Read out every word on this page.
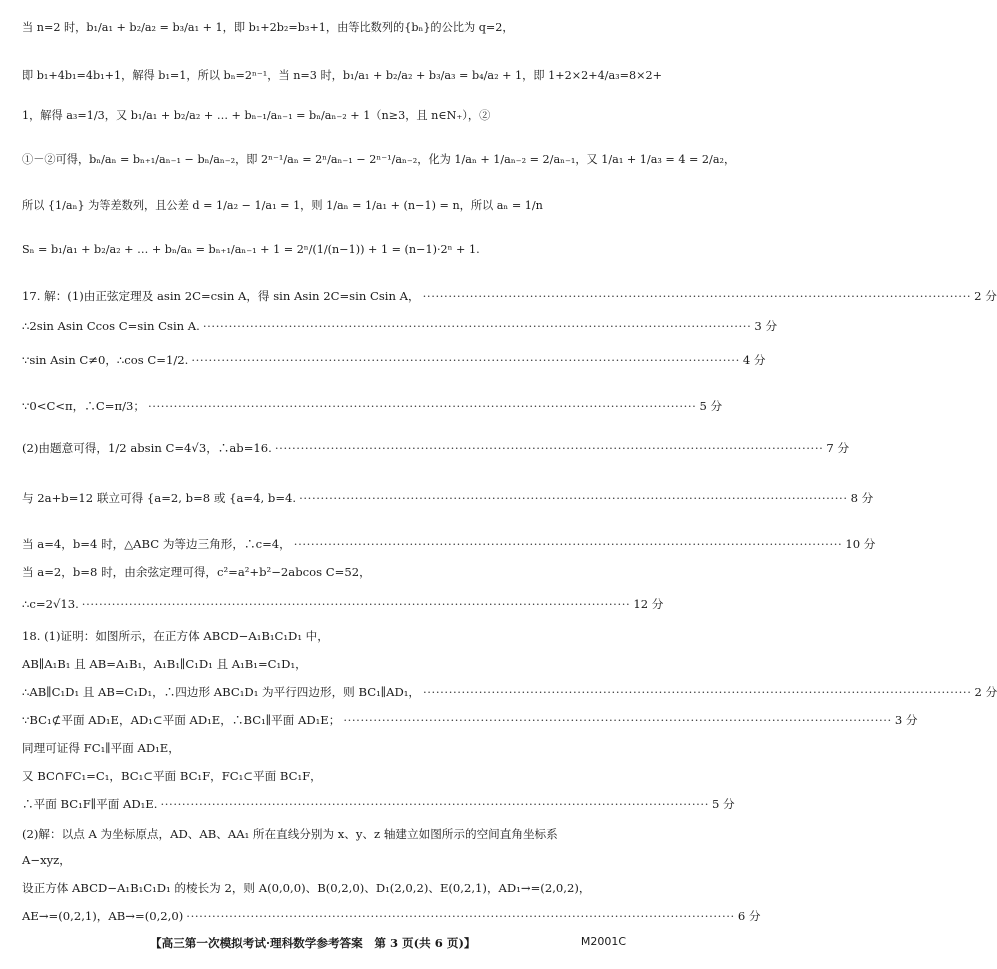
当 n=2 时，b₁/a₁ + b₂/a₂ = b₃/a₁ + 1，即 b₁+2b₂=b₃+1，由等比数列的{bₙ}的公比为 q=2，
即 b₁+4b₁=4b₁+1，解得 b₁=1，所以 bₙ=2ⁿ⁻¹，当 n=3 时，b₁/a₁ + b₂/a₂ + b₃/a₃ = b₄/a₂ + 1，即 1+2×2+4/a₃=8×2+
1，解得 a₃=1/3，又 b₁/a₁ + b₂/a₂ + … + bₙ₋₁/aₙ₋₁ = bₙ/aₙ₋₂ + 1（n≥3，且 n∈N₊），②
①－②可得，bₙ/aₙ = bₙ₊₁/aₙ₋₁ − bₙ/aₙ₋₂，即 2ⁿ⁻¹/aₙ = 2ⁿ/aₙ₋₁ − 2ⁿ⁻¹/aₙ₋₂，化为 1/aₙ + 1/aₙ₋₂ = 2/aₙ₋₁，又 1/a₁ + 1/a₃ = 4 = 2/a₂，
所以 {1/aₙ} 为等差数列，且公差 d = 1/a₂ − 1/a₁ = 1，则 1/aₙ = 1/a₁ + (n−1) = n，所以 aₙ = 1/n
Sₙ = b₁/a₁ + b₂/a₂ + … + bₙ/aₙ = bₙ₊₁/aₙ₋₁ + 1 = 2ⁿ/(1/(n−1)) + 1 = (n−1)·2ⁿ + 1.
17. 解：(1)由正弦定理及 asin 2C=csin A，得 sin Asin 2C=sin Csin A， ·····	2 分
∴2sin Asin Ccos C=sin Csin A. ·····	3 分
∵sin Asin C≠0，∴cos C=1/2. ·····	4 分
∵0<C<π，∴C=π/3； ·····	5 分
(2)由题意可得，1/2 absin C=4√3，∴ab=16. ·····	7 分
与 2a+b=12 联立可得 {a=2, b=8 或 {a=4, b=4. ·····	8 分
当 a=4，b=4 时，△ABC 为等边三角形，∴c=4， ·····	10 分
当 a=2，b=8 时，由余弦定理可得，c²=a²+b²−2abcos C=52，
∴c=2√13. ·····	12 分
18. (1)证明：如图所示，在正方体 ABCD−A₁B₁C₁D₁ 中，
AB∥A₁B₁ 且 AB=A₁B₁，A₁B₁∥C₁D₁ 且 A₁B₁=C₁D₁，
∴AB∥C₁D₁ 且 AB=C₁D₁，∴四边形 ABC₁D₁ 为平行四边形，则 BC₁∥AD₁， ·····	2 分
∵BC₁⊄平面 AD₁E，AD₁⊂平面 AD₁E，∴BC₁∥平面 AD₁E； ·····	3 分
同理可证得 FC₁∥平面 AD₁E，
又 BC∩FC₁=C₁，BC₁⊂平面 BC₁F，FC₁⊂平面 BC₁F，
∴平面 BC₁F∥平面 AD₁E. ·····	5 分
(2)解：以点 A 为坐标原点，AD、AB、AA₁ 所在直线分别为 x、y、z 轴建立如图所示的空间直角坐标系
A−xyz，
设正方体 ABCD−A₁B₁C₁D₁ 的棱长为 2，则 A(0,0,0)、B(0,2,0)、D₁(2,0,2)、E(0,2,1)，AD₁→=(2,0,2)，
AE→=(0,2,1)，AB→=(0,2,0) ·····	6 分
【高三第一次模拟考试·理科数学参考答案　第 3 页(共 6 页)】	M2001C
